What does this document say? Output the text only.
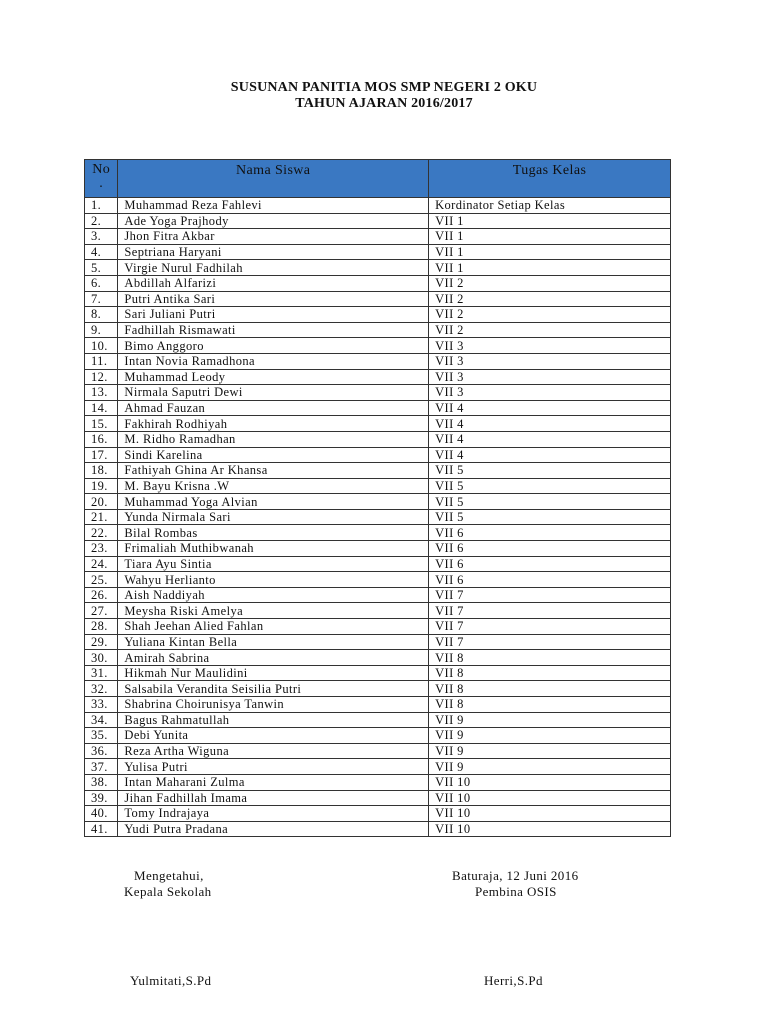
SUSUNAN PANITIA MOS SMP NEGERI 2 OKU
TAHUN AJARAN 2016/2017
No
.	Nama Siswa	Tugas Kelas
1.	Muhammad Reza Fahlevi	Kordinator Setiap Kelas
2.	Ade Yoga Prajhody	VII 1
3.	Jhon Fitra Akbar	VII 1
4.	Septriana Haryani	VII 1
5.	Virgie Nurul Fadhilah	VII 1
6.	Abdillah Alfarizi	VII 2
7.	Putri Antika Sari	VII 2
8.	Sari Juliani Putri	VII 2
9.	Fadhillah Rismawati	VII 2
10.	Bimo Anggoro	VII 3
11.	Intan Novia Ramadhona	VII 3
12.	Muhammad Leody	VII 3
13.	Nirmala Saputri Dewi	VII 3
14.	Ahmad Fauzan	VII 4
15.	Fakhirah Rodhiyah	VII 4
16.	M. Ridho Ramadhan	VII 4
17.	Sindi Karelina	VII 4
18.	Fathiyah Ghina Ar Khansa	VII 5
19.	M. Bayu Krisna .W	VII 5
20.	Muhammad Yoga Alvian	VII 5
21.	Yunda Nirmala Sari	VII 5
22.	Bilal Rombas	VII 6
23.	Frimaliah Muthibwanah	VII 6
24.	Tiara Ayu Sintia	VII 6
25.	Wahyu Herlianto	VII 6
26.	Aish Naddiyah	VII 7
27.	Meysha Riski Amelya	VII 7
28.	Shah Jeehan Alied Fahlan	VII 7
29.	Yuliana Kintan Bella	VII 7
30.	Amirah Sabrina	VII 8
31.	Hikmah Nur Maulidini	VII 8
32.	Salsabila Verandita Seisilia Putri	VII 8
33.	Shabrina Choirunisya Tanwin	VII 8
34.	Bagus Rahmatullah	VII 9
35.	Debi Yunita	VII 9
36.	Reza Artha Wiguna	VII 9
37.	Yulisa Putri	VII 9
38.	Intan Maharani Zulma	VII 10
39.	Jihan Fadhillah Imama	VII 10
40.	Tomy Indrajaya	VII 10
41.	Yudi Putra Pradana	VII 10
Mengetahui,
Kepala Sekolah
Baturaja, 12 Juni 2016
Pembina OSIS
Yulmitati,S.Pd	Herri,S.Pd
